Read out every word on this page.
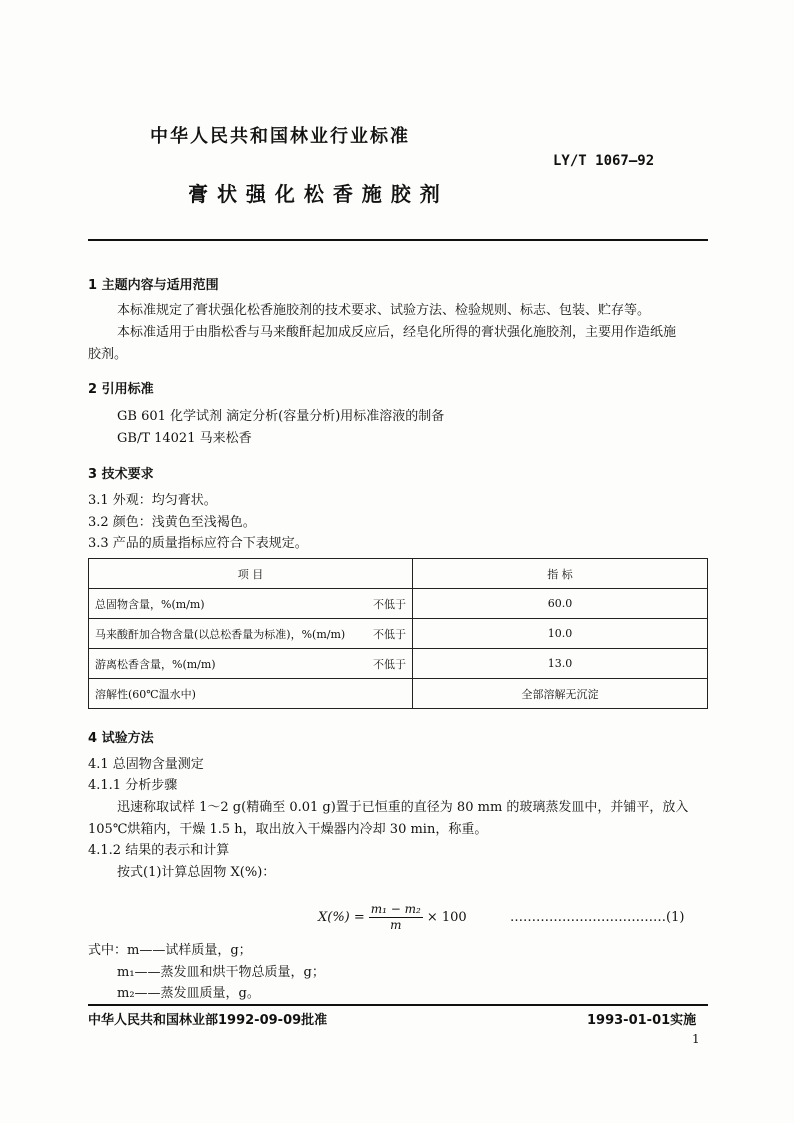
中华人民共和国林业行业标准
LY/T 1067—92
膏 状 强 化 松 香 施 胶 剂
1 主题内容与适用范围
本标准规定了膏状强化松香施胶剂的技术要求、试验方法、检验规则、标志、包装、贮存等。
本标准适用于由脂松香与马来酸酐起加成反应后，经皂化所得的膏状强化施胶剂，主要用作造纸施
胶剂。
2 引用标准
GB 601 化学试剂 滴定分析(容量分析)用标准溶液的制备
GB/T 14021 马来松香
3 技术要求
3.1 外观：均匀膏状。
3.2 颜色：浅黄色至浅褐色。
3.3 产品的质量指标应符合下表规定。
项 目	指 标
总固物含量，%(m/m) 不低于	60.0
马来酸酐加合物含量(以总松香量为标准)，%(m/m) 不低于	10.0
游离松香含量，%(m/m) 不低于	13.0
溶解性(60℃温水中)	全部溶解无沉淀
4 试验方法
4.1 总固物含量测定
4.1.1 分析步骤
迅速称取试样 1～2 g(精确至 0.01 g)置于已恒重的直径为 80 mm 的玻璃蒸发皿中，并铺平，放入
105℃烘箱内，干燥 1.5 h，取出放入干燥器内冷却 30 min，称重。
4.1.2 结果的表示和计算
按式(1)计算总固物 X(%)：
$X(\%) = \frac{\text{m₁ − m₂}}{m} \times 100$	………………………………(1)
式中：m——试样质量，g；
m₁——蒸发皿和烘干物总质量，g；
m₂——蒸发皿质量，g。
中华人民共和国林业部1992-09-09批准	1993-01-01实施
1
